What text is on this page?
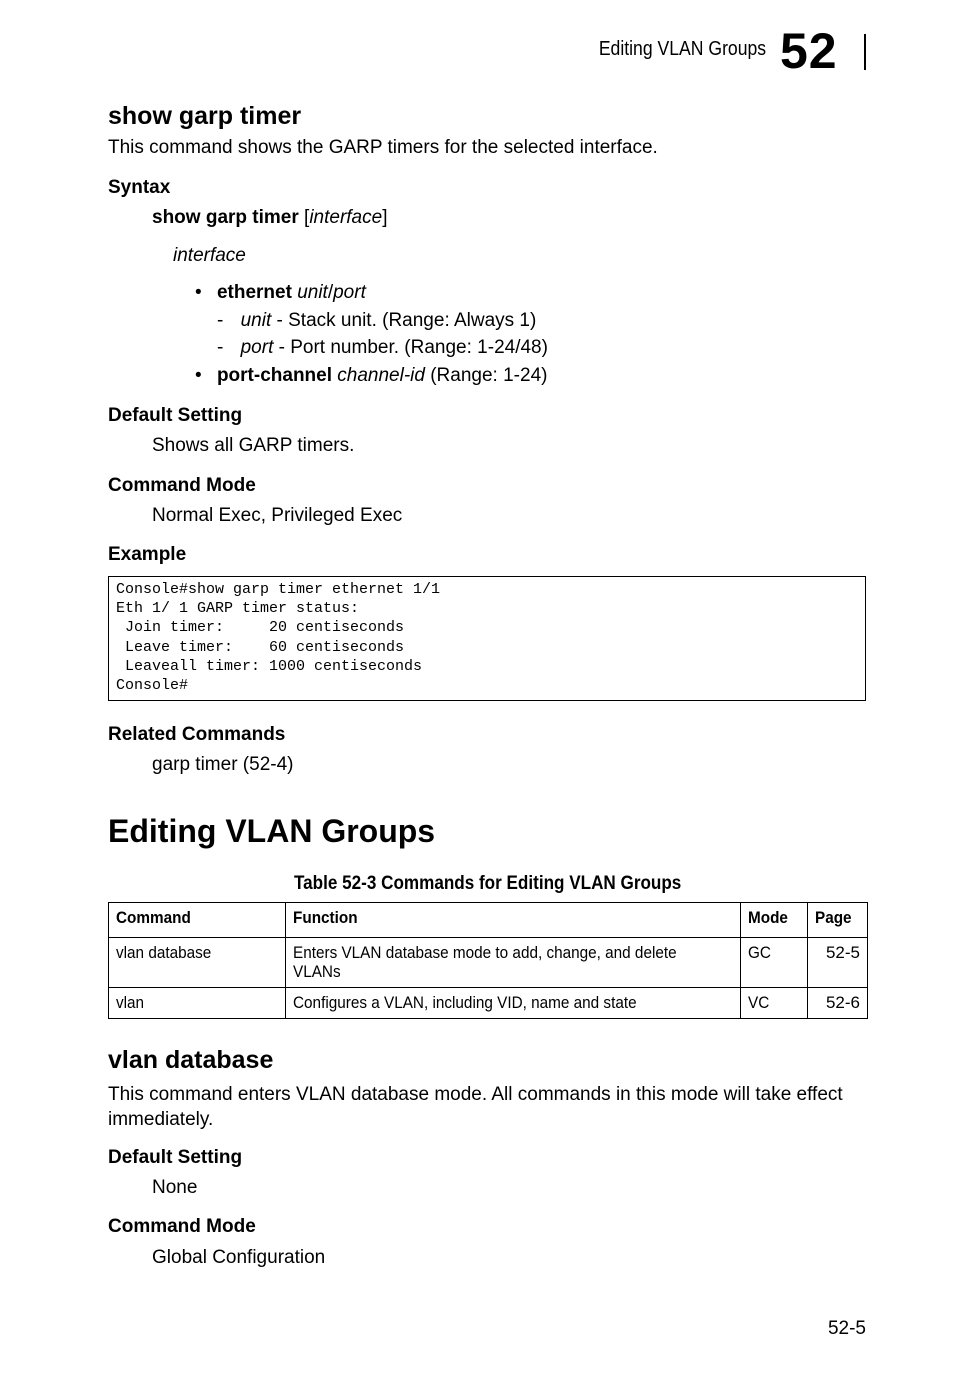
Editing VLAN Groups 52
show garp timer
This command shows the GARP timers for the selected interface.
Syntax
show garp timer [interface]
interface
• ethernet unit/port
- unit - Stack unit. (Range: Always 1)
- port - Port number. (Range: 1-24/48)
• port-channel channel-id (Range: 1-24)
Default Setting
Shows all GARP timers.
Command Mode
Normal Exec, Privileged Exec
Example
Console#show garp timer ethernet 1/1
Eth 1/ 1 GARP timer status:
Join timer:     20 centiseconds
Leave timer:    60 centiseconds
Leaveall timer: 1000 centiseconds
Console#
Related Commands
garp timer (52-4)
Editing VLAN Groups
Table 52-3 Commands for Editing VLAN Groups
Command	Function	Mode	Page
vlan database	Enters VLAN database mode to add, change, and delete VLANs	GC	52-5
vlan	Configures a VLAN, including VID, name and state	VC	52-6
vlan database
This command enters VLAN database mode. All commands in this mode will take effect immediately.
Default Setting
None
Command Mode
Global Configuration
52-5
